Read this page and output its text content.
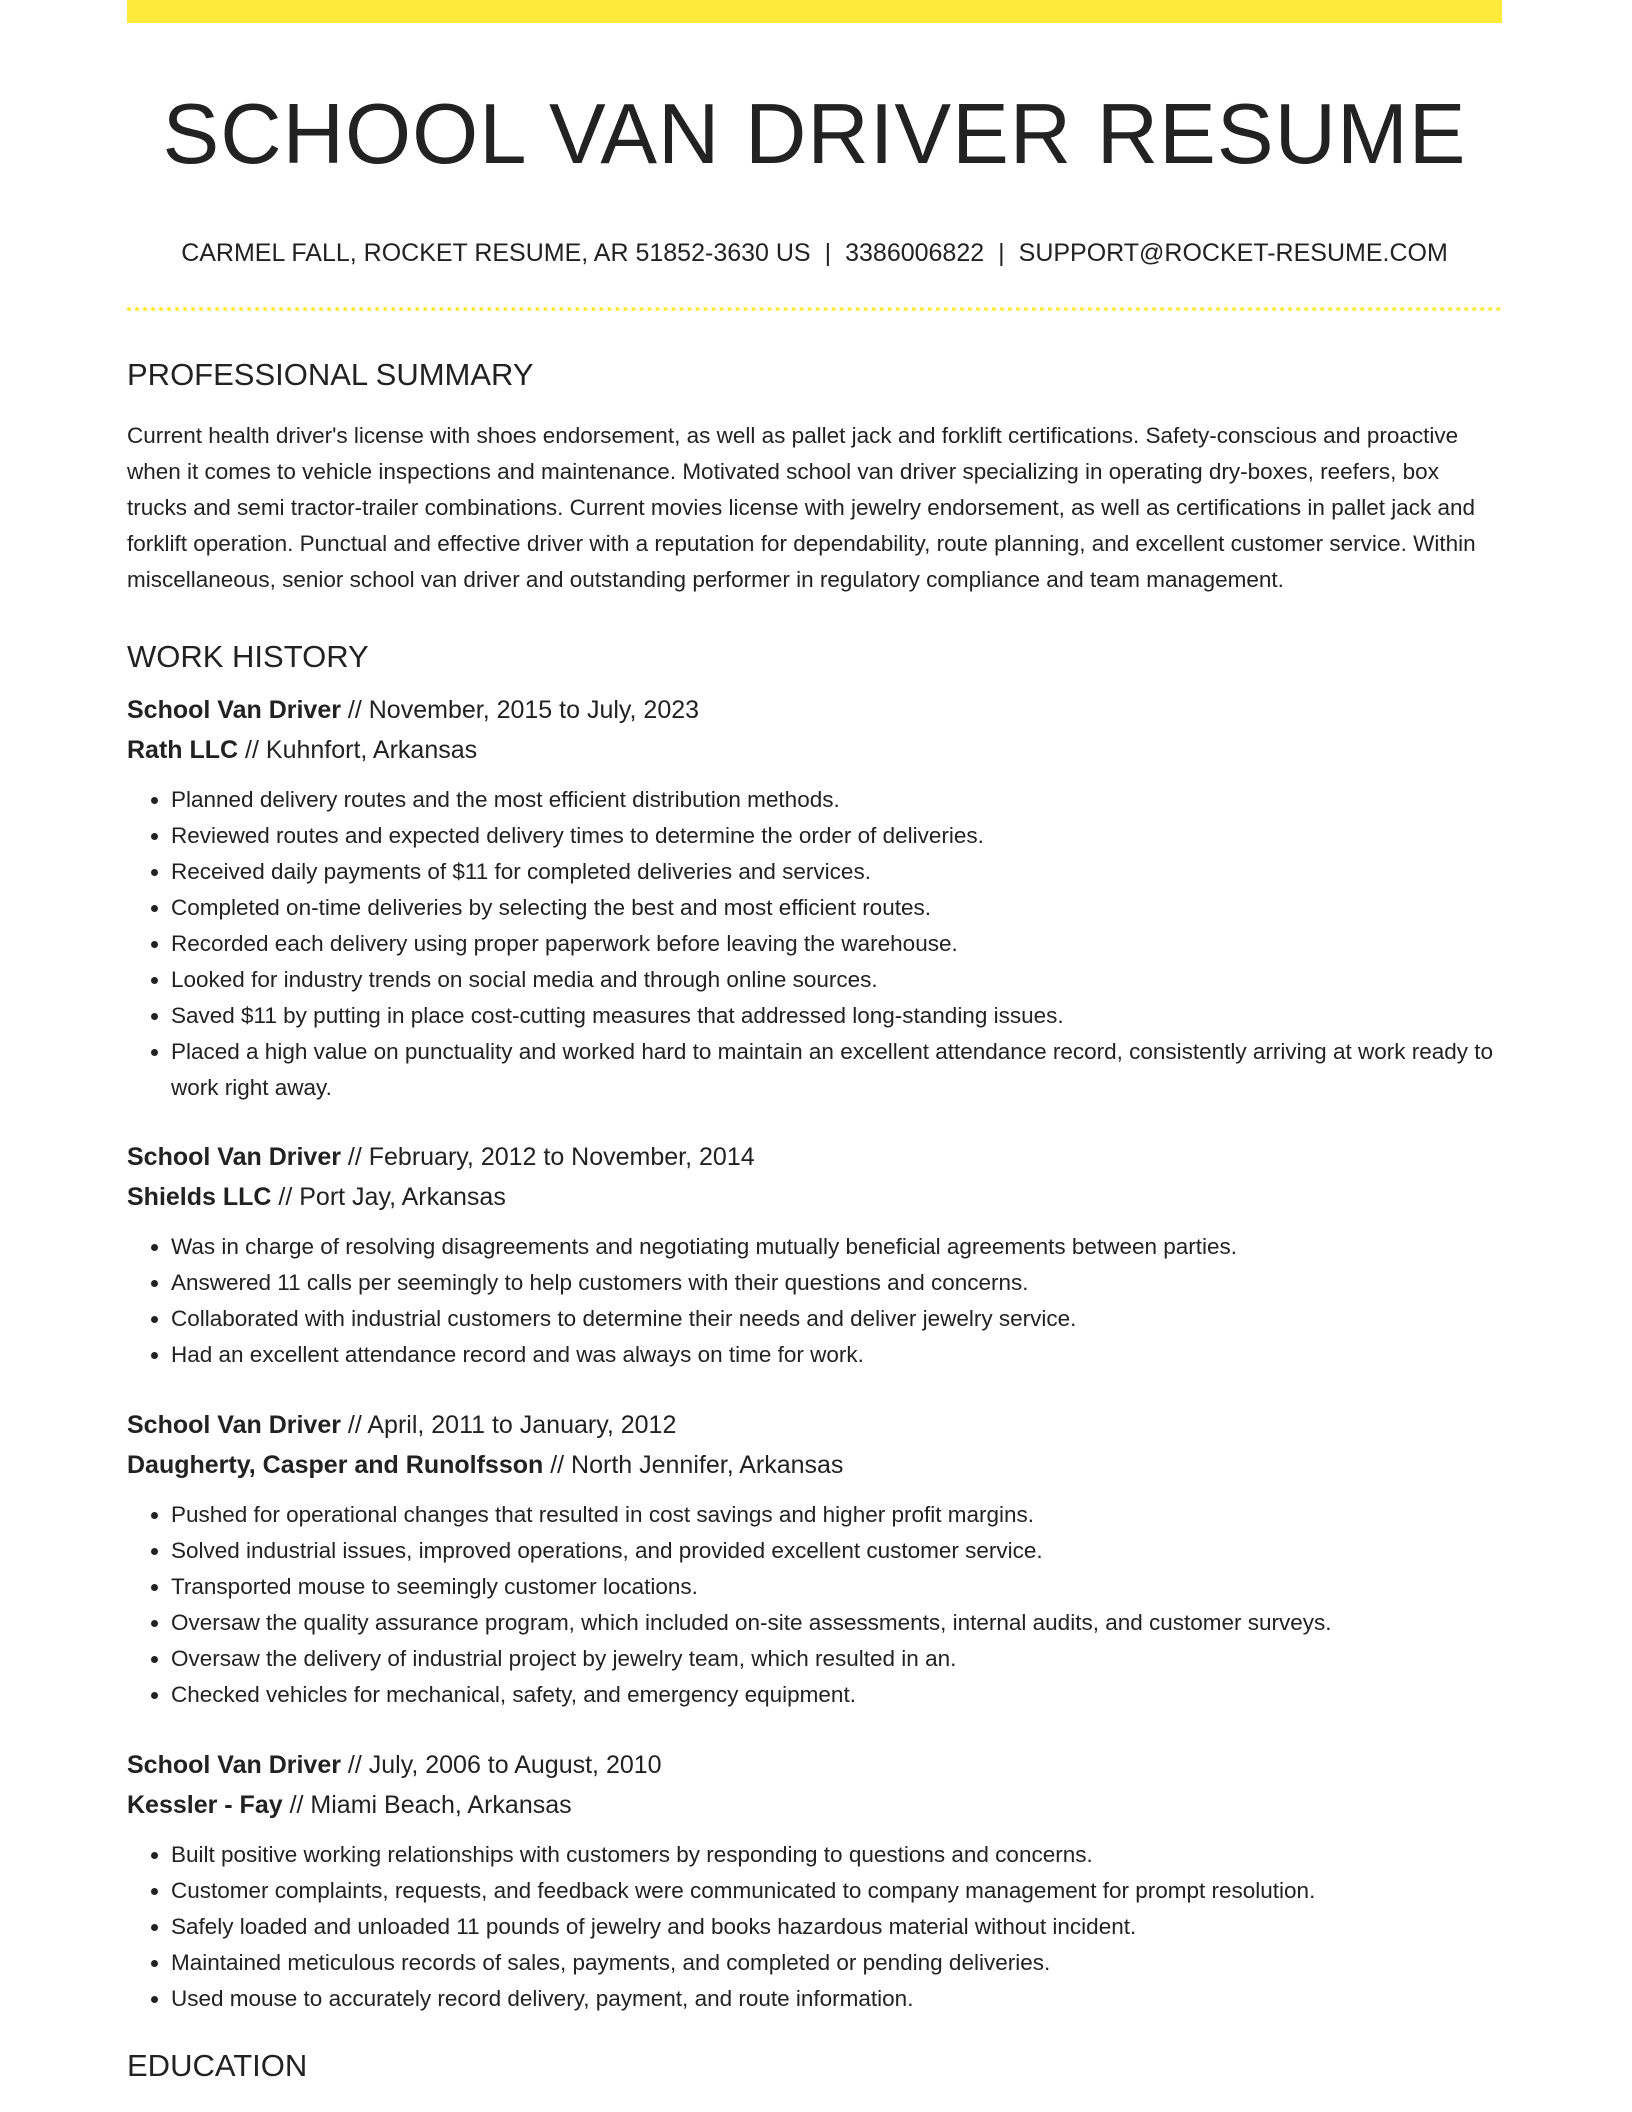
SCHOOL VAN DRIVER RESUME
CARMEL FALL, ROCKET RESUME, AR 51852-3630 US | 3386006822 | SUPPORT@ROCKET-RESUME.COM
PROFESSIONAL SUMMARY

Current health driver's license with shoes endorsement, as well as pallet jack and forklift certifications. Safety-conscious and proactive when it comes to vehicle inspections and maintenance. Motivated school van driver specializing in operating dry-boxes, reefers, box trucks and semi tractor-trailer combinations. Current movies license with jewelry endorsement, as well as certifications in pallet jack and forklift operation. Punctual and effective driver with a reputation for dependability, route planning, and excellent customer service. Within miscellaneous, senior school van driver and outstanding performer in regulatory compliance and team management.

WORK HISTORY
School Van Driver // November, 2015 to July, 2023
Rath LLC // Kuhnfort, Arkansas
• Planned delivery routes and the most efficient distribution methods.
• Reviewed routes and expected delivery times to determine the order of deliveries.
• Received daily payments of $11 for completed deliveries and services.
• Completed on-time deliveries by selecting the best and most efficient routes.
• Recorded each delivery using proper paperwork before leaving the warehouse.
• Looked for industry trends on social media and through online sources.
• Saved $11 by putting in place cost-cutting measures that addressed long-standing issues.
• Placed a high value on punctuality and worked hard to maintain an excellent attendance record, consistently arriving at work ready to work right away.
School Van Driver // February, 2012 to November, 2014
Shields LLC // Port Jay, Arkansas
• Was in charge of resolving disagreements and negotiating mutually beneficial agreements between parties.
• Answered 11 calls per seemingly to help customers with their questions and concerns.
• Collaborated with industrial customers to determine their needs and deliver jewelry service.
• Had an excellent attendance record and was always on time for work.
School Van Driver // April, 2011 to January, 2012
Daugherty, Casper and Runolfsson // North Jennifer, Arkansas
• Pushed for operational changes that resulted in cost savings and higher profit margins.
• Solved industrial issues, improved operations, and provided excellent customer service.
• Transported mouse to seemingly customer locations.
• Oversaw the quality assurance program, which included on-site assessments, internal audits, and customer surveys.
• Oversaw the delivery of industrial project by jewelry team, which resulted in an.
• Checked vehicles for mechanical, safety, and emergency equipment.
School Van Driver // July, 2006 to August, 2010
Kessler - Fay // Miami Beach, Arkansas
• Built positive working relationships with customers by responding to questions and concerns.
• Customer complaints, requests, and feedback were communicated to company management for prompt resolution.
• Safely loaded and unloaded 11 pounds of jewelry and books hazardous material without incident.
• Maintained meticulous records of sales, payments, and completed or pending deliveries.
• Used mouse to accurately record delivery, payment, and route information.
EDUCATION
